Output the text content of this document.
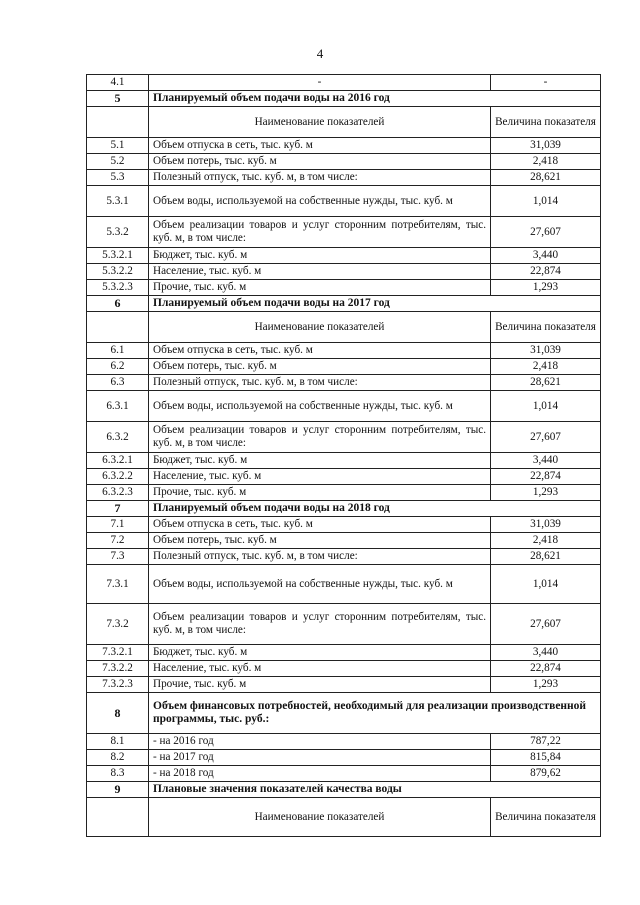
4
4.1	-	-
5	Планируемый объем подачи воды на 2016 год	
	Наименование показателей	Величина показателя
5.1	Объем отпуска в сеть, тыс. куб. м	31,039
5.2	Объем потерь, тыс. куб. м	2,418
5.3	Полезный отпуск, тыс. куб. м, в том числе:	28,621
5.3.1	Объем воды, используемой на собственные нужды, тыс. куб. м	1,014
5.3.2	Объем реализации товаров и услуг сторонним потребителям, тыс. куб. м, в том числе:	27,607
5.3.2.1	Бюджет, тыс. куб. м	3,440
5.3.2.2	Население, тыс. куб. м	22,874
5.3.2.3	Прочие, тыс. куб. м	1,293
6	Планируемый объем подачи воды на 2017 год	
	Наименование показателей	Величина показателя
6.1	Объем отпуска в сеть, тыс. куб. м	31,039
6.2	Объем потерь, тыс. куб. м	2,418
6.3	Полезный отпуск, тыс. куб. м, в том числе:	28,621
6.3.1	Объем воды, используемой на собственные нужды, тыс. куб. м	1,014
6.3.2	Объем реализации товаров и услуг сторонним потребителям, тыс. куб. м, в том числе:	27,607
6.3.2.1	Бюджет, тыс. куб. м	3,440
6.3.2.2	Население, тыс. куб. м	22,874
6.3.2.3	Прочие, тыс. куб. м	1,293
7	Планируемый объем подачи воды на 2018 год	
7.1	Объем отпуска в сеть, тыс. куб. м	31,039
7.2	Объем потерь, тыс. куб. м	2,418
7.3	Полезный отпуск, тыс. куб. м, в том числе:	28,621
7.3.1	Объем воды, используемой на собственные нужды, тыс. куб. м	1,014
7.3.2	Объем реализации товаров и услуг сторонним потребителям, тыс. куб. м, в том числе:	27,607
7.3.2.1	Бюджет, тыс. куб. м	3,440
7.3.2.2	Население, тыс. куб. м	22,874
7.3.2.3	Прочие, тыс. куб. м	1,293
8	Объем финансовых потребностей, необходимый для реализации производственной программы, тыс. руб.:	
8.1	- на 2016 год	787,22
8.2	- на 2017 год	815,84
8.3	- на 2018 год	879,62
9	Плановые значения показателей качества воды	
	Наименование показателей	Величина показателя
